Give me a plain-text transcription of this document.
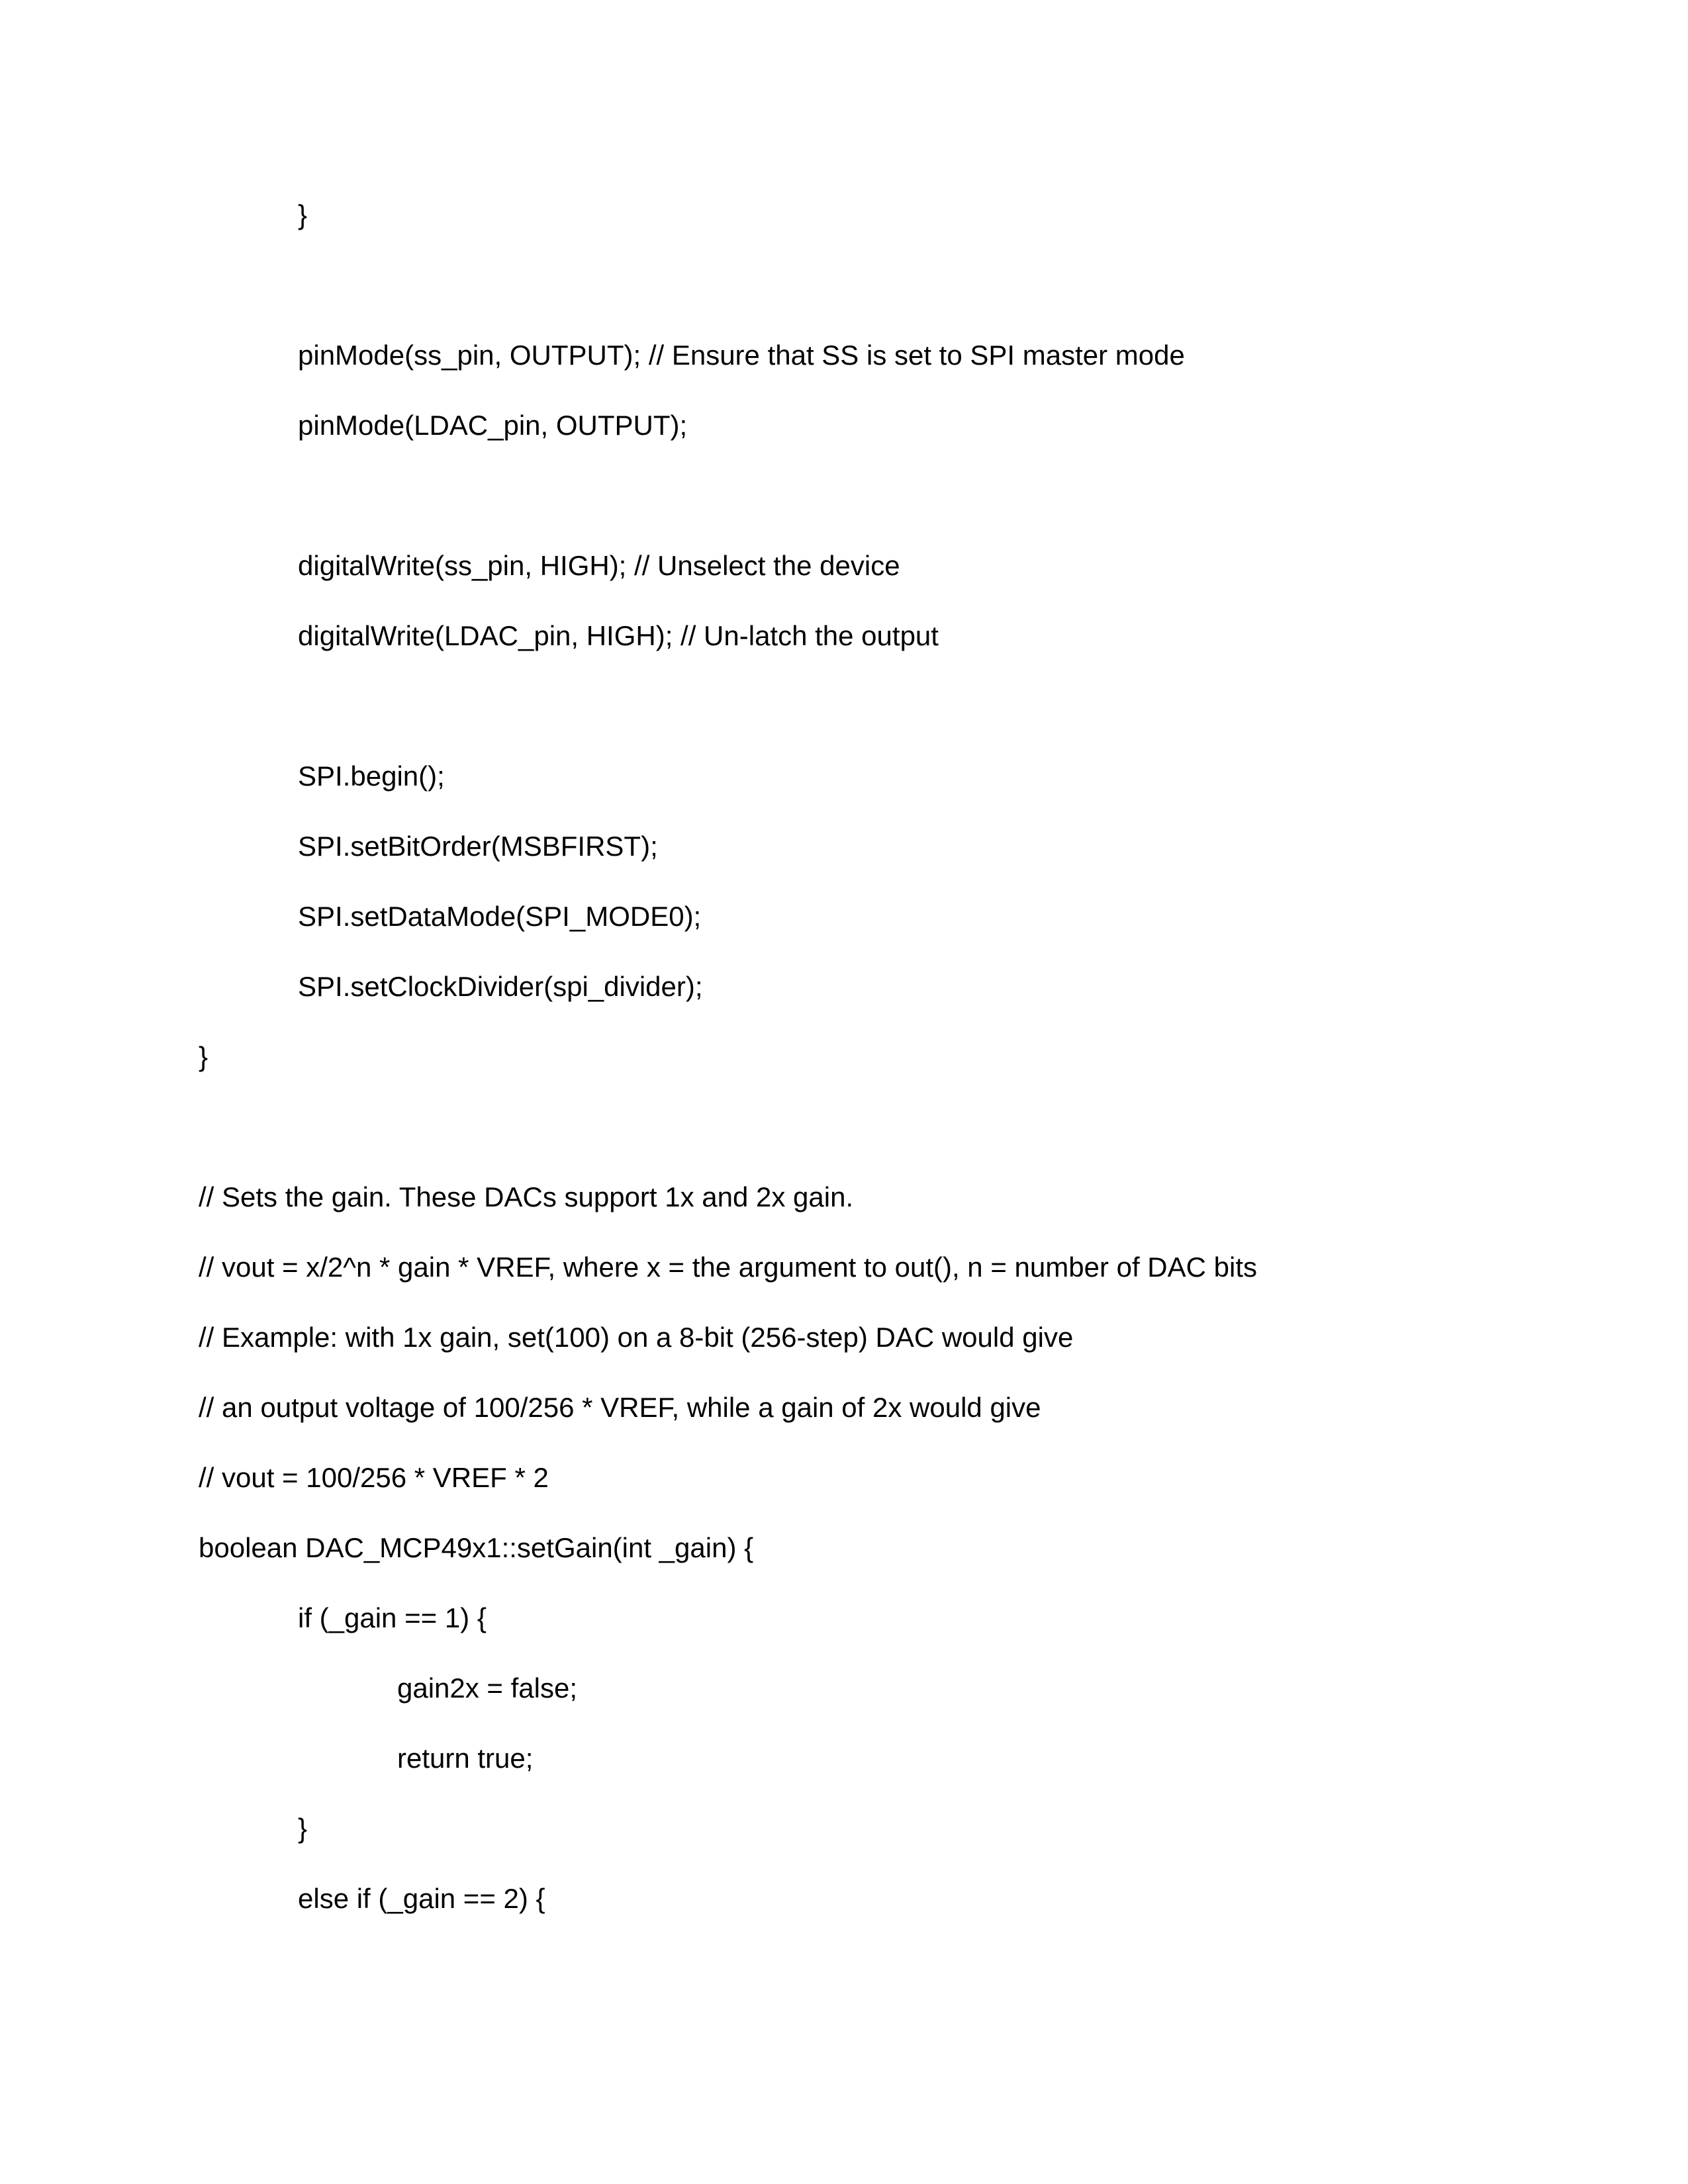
}
pinMode(ss_pin, OUTPUT); // Ensure that SS is set to SPI master mode
pinMode(LDAC_pin, OUTPUT);
digitalWrite(ss_pin, HIGH); // Unselect the device
digitalWrite(LDAC_pin, HIGH); // Un-latch the output
SPI.begin();
SPI.setBitOrder(MSBFIRST);
SPI.setDataMode(SPI_MODE0);
SPI.setClockDivider(spi_divider);
}
// Sets the gain. These DACs support 1x and 2x gain.
// vout = x/2^n * gain * VREF, where x = the argument to out(), n = number of DAC bits
// Example: with 1x gain, set(100) on a 8-bit (256-step) DAC would give
// an output voltage of 100/256 * VREF, while a gain of 2x would give
// vout = 100/256 * VREF * 2
boolean DAC_MCP49x1::setGain(int _gain) {
if (_gain == 1) {
gain2x = false;
return true;
}
else if (_gain == 2) {
